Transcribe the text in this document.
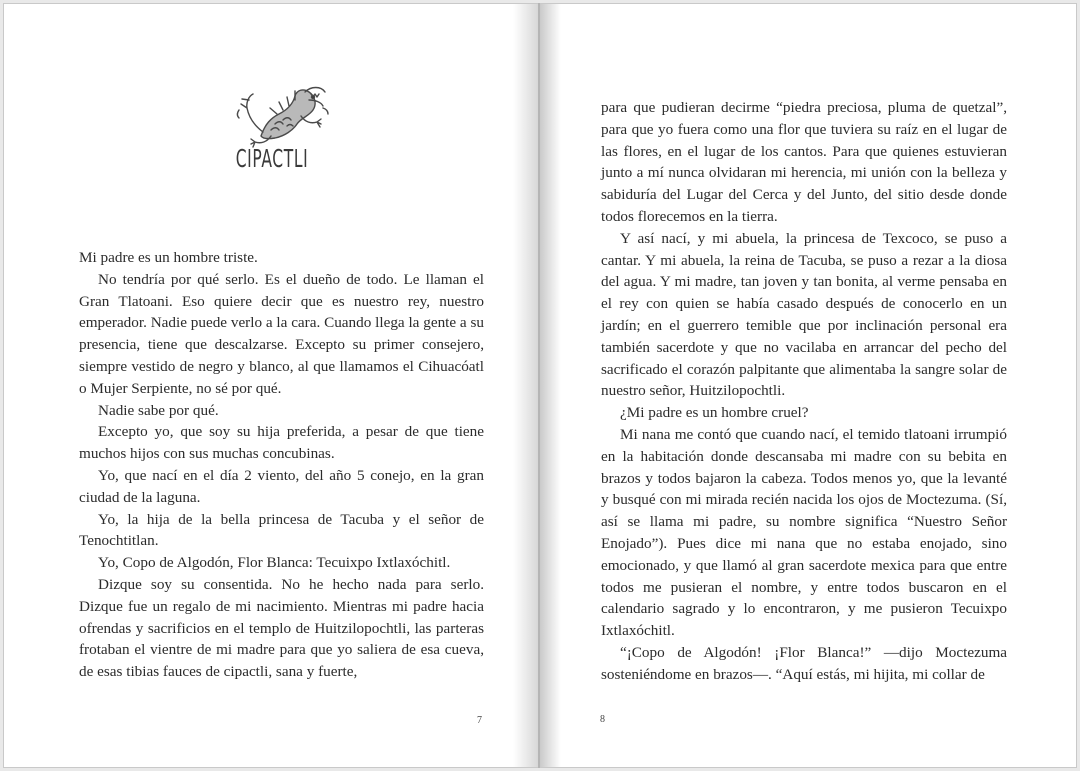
CIPACTLI

Mi padre es un hombre triste.

No tendría por qué serlo. Es el dueño de todo. Le llaman el Gran Tlatoani. Eso quiere decir que es nuestro rey, nuestro emperador. Nadie puede verlo a la cara. Cuando llega la gente a su presencia, tiene que descalzarse. Excepto su primer consejero, siempre vestido de negro y blanco, al que llamamos el Cihuacóatl o Mujer Serpiente, no sé por qué.

Nadie sabe por qué.

Excepto yo, que soy su hija preferida, a pesar de que tiene muchos hijos con sus muchas concubinas.

Yo, que nací en el día 2 viento, del año 5 conejo, en la gran ciudad de la laguna.

Yo, la hija de la bella princesa de Tacuba y el señor de Tenochtitlan.

Yo, Copo de Algodón, Flor Blanca: Tecuixpo Ixtlaxóchitl.

Dizque soy su consentida. No he hecho nada para serlo. Dizque fue un regalo de mi nacimiento. Mientras mi padre hacia ofrendas y sacrificios en el templo de Huitzilopochtli, las parteras frotaban el vientre de mi madre para que yo saliera de esa cueva, de esas tibias fauces de cipactli, sana y fuerte,

7

para que pudieran decirme “piedra preciosa, pluma de quetzal”, para que yo fuera como una flor que tuviera su raíz en el lugar de las flores, en el lugar de los cantos. Para que quienes estuvieran junto a mí nunca olvidaran mi herencia, mi unión con la belleza y sabiduría del Lugar del Cerca y del Junto, del sitio desde donde todos florecemos en la tierra.

Y así nací, y mi abuela, la princesa de Texcoco, se puso a cantar. Y mi abuela, la reina de Tacuba, se puso a rezar a la diosa del agua. Y mi madre, tan joven y tan bonita, al verme pensaba en el rey con quien se había casado después de conocerlo en un jardín; en el guerrero temible que por inclinación personal era también sacerdote y que no vacilaba en arrancar del pecho del sacrificado el corazón palpitante que alimentaba la sangre solar de nuestro señor, Huitzilopochtli.

¿Mi padre es un hombre cruel?

Mi nana me contó que cuando nací, el temido tlatoani irrumpió en la habitación donde descansaba mi madre con su bebita en brazos y todos bajaron la cabeza. Todos menos yo, que la levanté y busqué con mi mirada recién nacida los ojos de Moctezuma. (Sí, así se llama mi padre, su nombre significa “Nuestro Señor Enojado”). Pues dice mi nana que no estaba enojado, sino emocionado, y que llamó al gran sacerdote mexica para que entre todos me pusieran el nombre, y entre todos buscaron en el calendario sagrado y lo encontraron, y me pusieron Tecuixpo Ixtlaxóchitl.

“¡Copo de Algodón! ¡Flor Blanca!” —dijo Moctezuma sosteniéndome en brazos—. “Aquí estás, mi hijita, mi collar de

8
